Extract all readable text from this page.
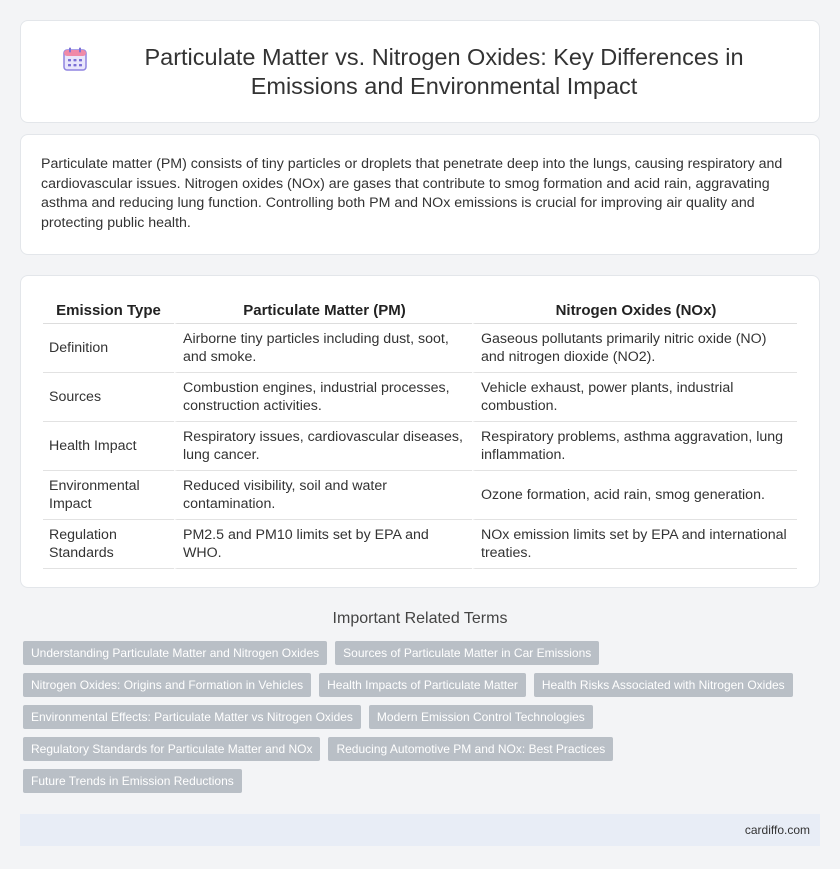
Particulate Matter vs. Nitrogen Oxides: Key Differences in Emissions and Environmental Impact

Particulate matter (PM) consists of tiny particles or droplets that penetrate deep into the lungs, causing respiratory and cardiovascular issues. Nitrogen oxides (NOx) are gases that contribute to smog formation and acid rain, aggravating asthma and reducing lung function. Controlling both PM and NOx emissions is crucial for improving air quality and protecting public health.

Emission Type	Particulate Matter (PM)	Nitrogen Oxides (NOx)
Definition	Airborne tiny particles including dust, soot, and smoke.	Gaseous pollutants primarily nitric oxide (NO) and nitrogen dioxide (NO2).
Sources	Combustion engines, industrial processes, construction activities.	Vehicle exhaust, power plants, industrial combustion.
Health Impact	Respiratory issues, cardiovascular diseases, lung cancer.	Respiratory problems, asthma aggravation, lung inflammation.
Environmental Impact	Reduced visibility, soil and water contamination.	Ozone formation, acid rain, smog generation.
Regulation Standards	PM2.5 and PM10 limits set by EPA and WHO.	NOx emission limits set by EPA and international treaties.
Important Related Terms
Understanding Particulate Matter and Nitrogen Oxides	Sources of Particulate Matter in Car Emissions
Nitrogen Oxides: Origins and Formation in Vehicles	Health Impacts of Particulate Matter	Health Risks Associated with Nitrogen Oxides
Environmental Effects: Particulate Matter vs Nitrogen Oxides	Modern Emission Control Technologies
Regulatory Standards for Particulate Matter and NOx	Reducing Automotive PM and NOx: Best Practices
Future Trends in Emission Reductions
cardiffo.com
